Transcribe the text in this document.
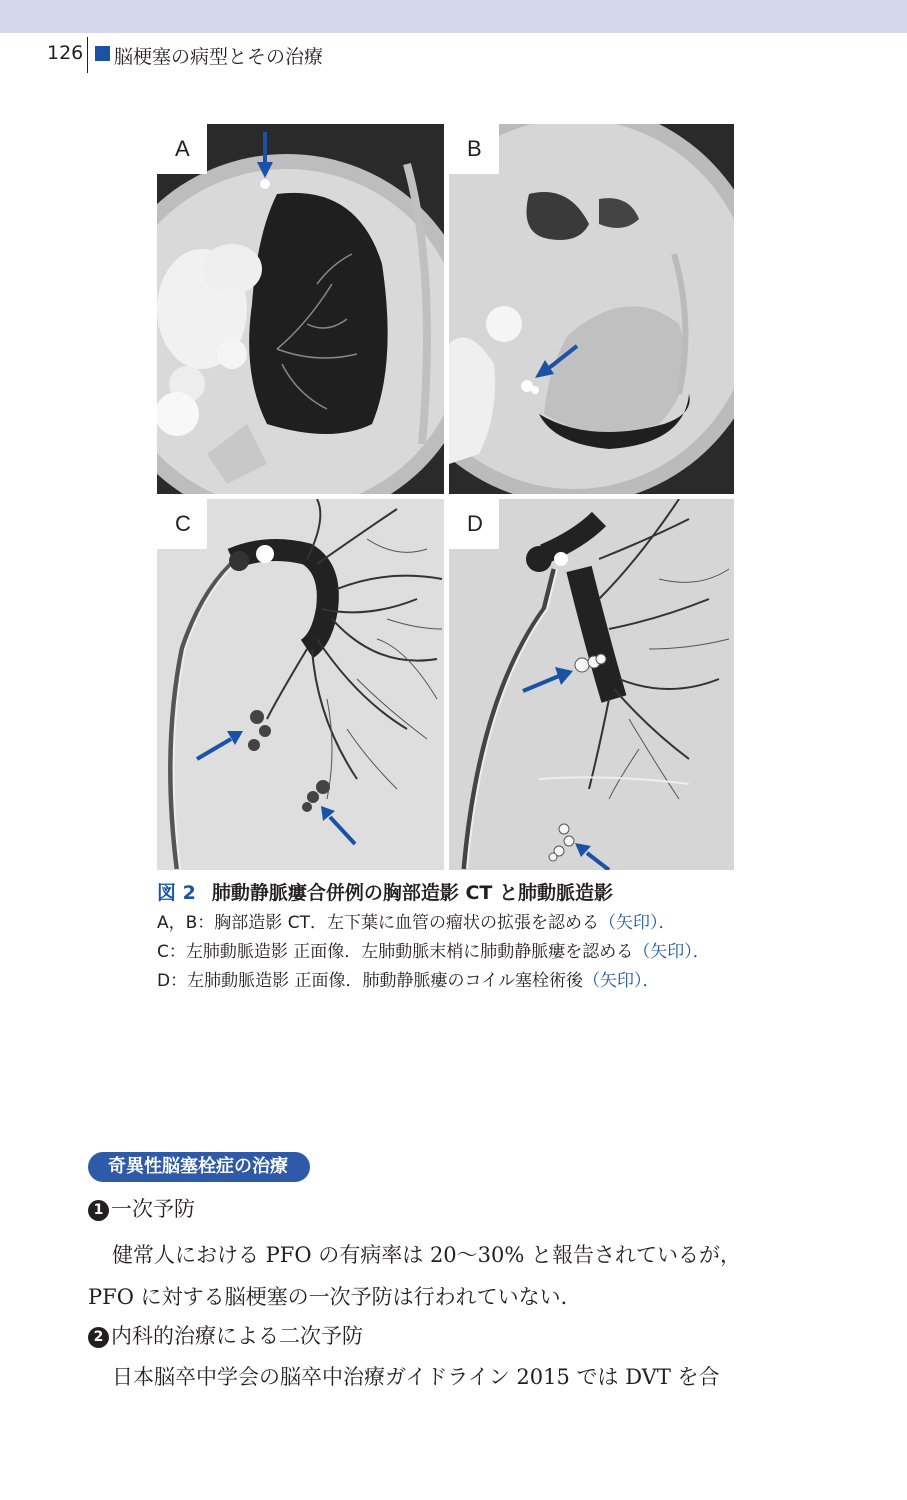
126 脳梗塞の病型とその治療
A	B
C	D
図 2 肺動静脈瘻合併例の胸部造影 CT と肺動脈造影
A，B： 胸部造影 CT．左下葉に血管の瘤状の拡張を認める（矢印）．
C： 左肺動脈造影 正面像．左肺動脈末梢に肺動静脈瘻を認める（矢印）．
D： 左肺動脈造影 正面像．肺動静脈瘻のコイル塞栓術後（矢印）．
奇異性脳塞栓症の治療
1 一次予防
健常人における PFO の有病率は 20〜30% と報告されているが，
PFO に対する脳梗塞の一次予防は行われていない．
2 内科的治療による二次予防
日本脳卒中学会の脳卒中治療ガイドライン 2015 では DVT を合
